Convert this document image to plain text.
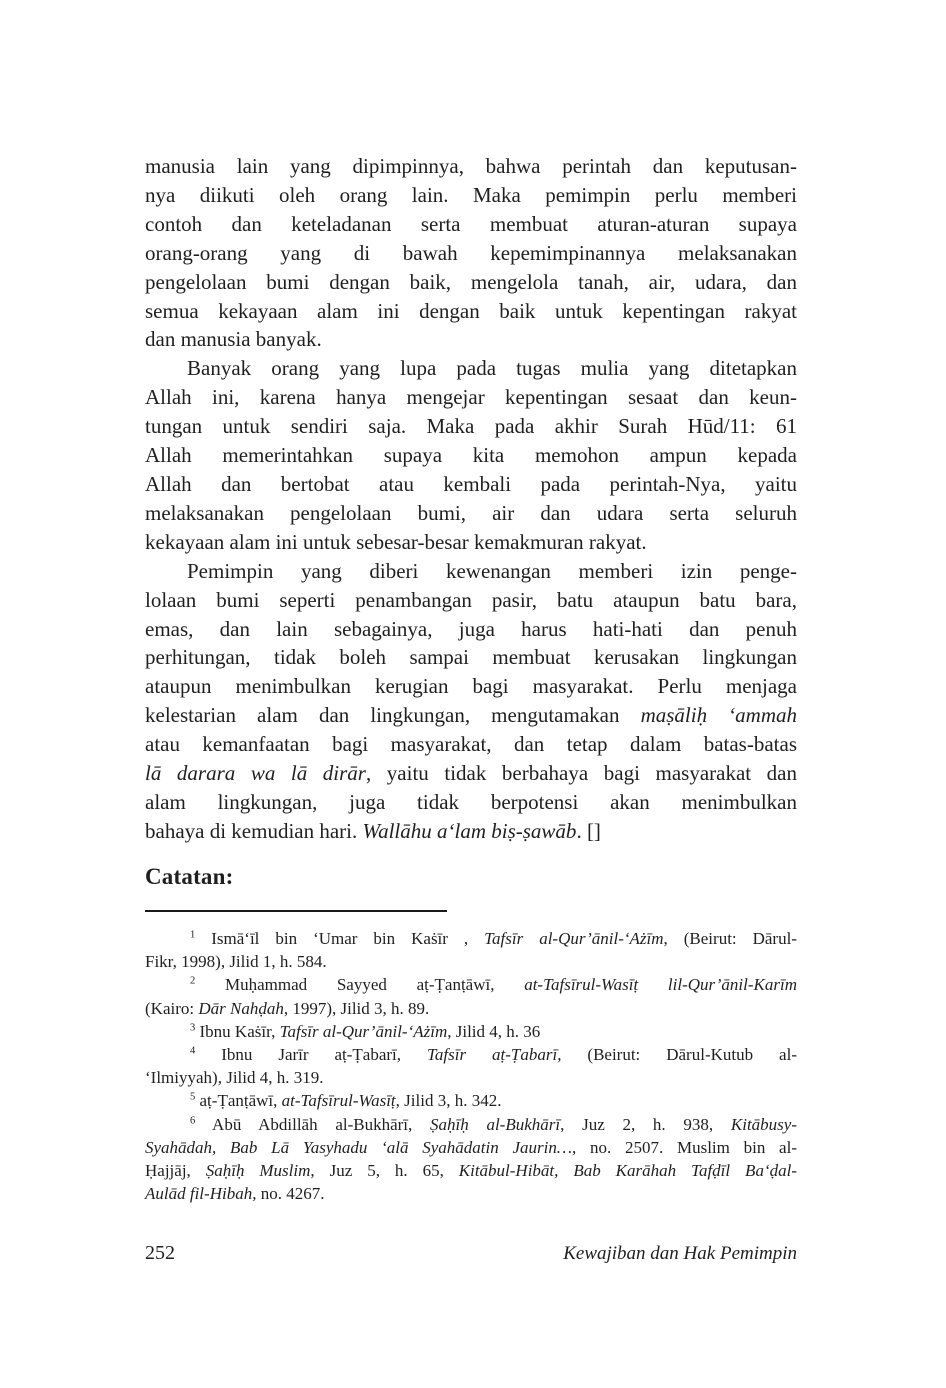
manusia lain yang dipimpinnya, bahwa perintah dan keputusan-
nya diikuti oleh orang lain. Maka pemimpin perlu memberi
contoh dan keteladanan serta membuat aturan-aturan supaya
orang-orang yang di bawah kepemimpinannya melaksanakan
pengelolaan bumi dengan baik, mengelola tanah, air, udara, dan
semua kekayaan alam ini dengan baik untuk kepentingan rakyat
dan manusia banyak.
Banyak orang yang lupa pada tugas mulia yang ditetapkan
Allah ini, karena hanya mengejar kepentingan sesaat dan keun-
tungan untuk sendiri saja. Maka pada akhir Surah Hūd/11: 61
Allah memerintahkan supaya kita memohon ampun kepada
Allah dan bertobat atau kembali pada perintah-Nya, yaitu
melaksanakan pengelolaan bumi, air dan udara serta seluruh
kekayaan alam ini untuk sebesar-besar kemakmuran rakyat.
Pemimpin yang diberi kewenangan memberi izin penge-
lolaan bumi seperti penambangan pasir, batu ataupun batu bara,
emas, dan lain sebagainya, juga harus hati-hati dan penuh
perhitungan, tidak boleh sampai membuat kerusakan lingkungan
ataupun menimbulkan kerugian bagi masyarakat. Perlu menjaga
kelestarian alam dan lingkungan, mengutamakan maṣāliḥ ʻammah
atau kemanfaatan bagi masyarakat, dan tetap dalam batas-batas
lā darara wa lā dirār, yaitu tidak berbahaya bagi masyarakat dan
alam lingkungan, juga tidak berpotensi akan menimbulkan
bahaya di kemudian hari. Wallāhu aʻlam biṣ-ṣawāb. []
Catatan:
$^1$ Ismāʻīl bin ʻUmar bin Kaṡīr , Tafsīr al-Qur’ānil-ʻAżīm, (Beirut: Dārul-
Fikr, 1998), Jilid 1, h. 584.
$^2$ Muḥammad Sayyed aṭ-Ṭanṭāwī, at-Tafsīrul-Wasīṭ lil-Qur’ānil-Karīm
(Kairo: Dār Nahḍah, 1997), Jilid 3, h. 89.
$^3$ Ibnu Kaṡīr, Tafsīr al-Qur’ānil-ʻAżīm, Jilid 4, h. 36
$^4$ Ibnu Jarīr aṭ-Ṭabarī, Tafsīr aṭ-Ṭabarī, (Beirut: Dārul-Kutub al-
ʻIlmiyyah), Jilid 4, h. 319.
$^5$ aṭ-Ṭanṭāwī, at-Tafsīrul-Wasīṭ, Jilid 3, h. 342.
$^6$ Abū Abdillāh al-Bukhārī, Ṣaḥīḥ al-Bukhārī, Juz 2, h. 938, Kitābusy-
Syahādah, Bab Lā Yasyhadu ʻalā Syahādatin Jaurin…, no. 2507. Muslim bin al-
Ḥajjāj, Ṣaḥīḥ Muslim, Juz 5, h. 65, Kitābul-Hibāt, Bab Karāhah Tafḍīl Baʻḍal-
Aulād fil-Hibah, no. 4267.
252	Kewajiban dan Hak Pemimpin
